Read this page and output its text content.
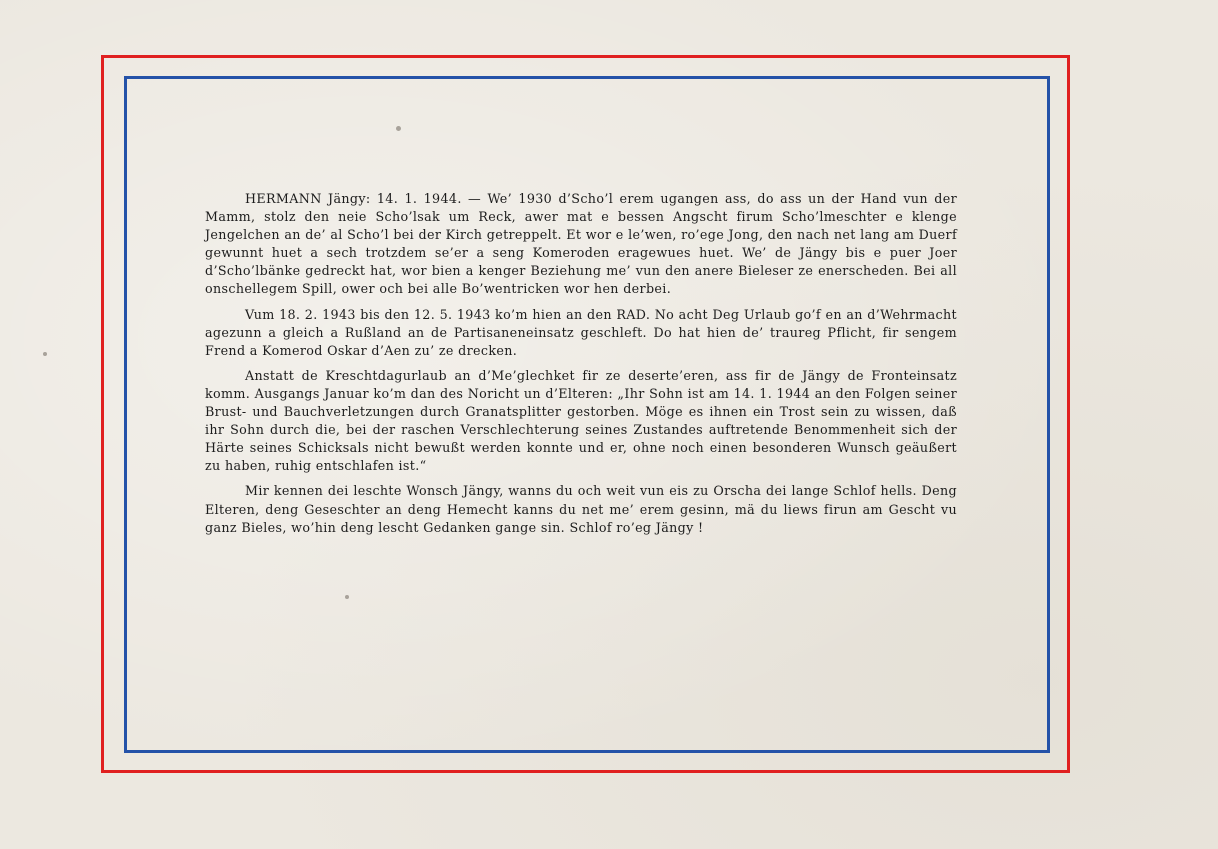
HERMANN Jängy: 14. 1. 1944. — We’ 1930 d’Scho’l erem ugangen ass, do ass un der Hand vun der Mamm, stolz den neie Scho’lsak um Reck, awer mat e bessen Angscht firum Scho’lmeschter e klenge Jengelchen an de’ al Scho’l bei der Kirch getreppelt. Et wor e le’wen, ro’ege Jong, den nach net lang am Duerf gewunnt huet a sech trotzdem se’er a seng Komeroden eragewues huet. We’ de Jängy bis e puer Joer d’Scho’lbänke gedreckt hat, wor bien a kenger Beziehung me’ vun den anere Bieleser ze enerscheden. Bei all onschellegem Spill, ower och bei alle Bo’wentricken wor hen derbei.

Vum 18. 2. 1943 bis den 12. 5. 1943 ko’m hien an den RAD. No acht Deg Urlaub go’f en an d’Wehrmacht agezunn a gleich a Rußland an de Partisaneneinsatz geschleft. Do hat hien de’ traureg Pflicht, fir sengem Frend a Komerod Oskar d’Aen zu’ ze drecken.

Anstatt de Kreschtdagurlaub an d’Me’glechket fir ze deserte’eren, ass fir de Jängy de Fronteinsatz komm. Ausgangs Januar ko’m dan des Noricht un d’Elteren: „Ihr Sohn ist am 14. 1. 1944 an den Folgen seiner Brust- und Bauchverletzungen durch Granatsplitter gestorben. Möge es ihnen ein Trost sein zu wissen, daß ihr Sohn durch die, bei der raschen Verschlechterung seines Zustandes auftretende Benommenheit sich der Härte seines Schicksals nicht bewußt werden konnte und er, ohne noch einen besonderen Wunsch geäußert zu haben, ruhig entschlafen ist.“

Mir kennen dei leschte Wonsch Jängy, wanns du och weit vun eis zu Orscha dei lange Schlof hells. Deng Elteren, deng Geseschter an deng Hemecht kanns du net me’ erem gesinn, mä du liews firun am Gescht vu ganz Bieles, wo’hin deng lescht Gedanken gange sin. Schlof ro’eg Jängy !
